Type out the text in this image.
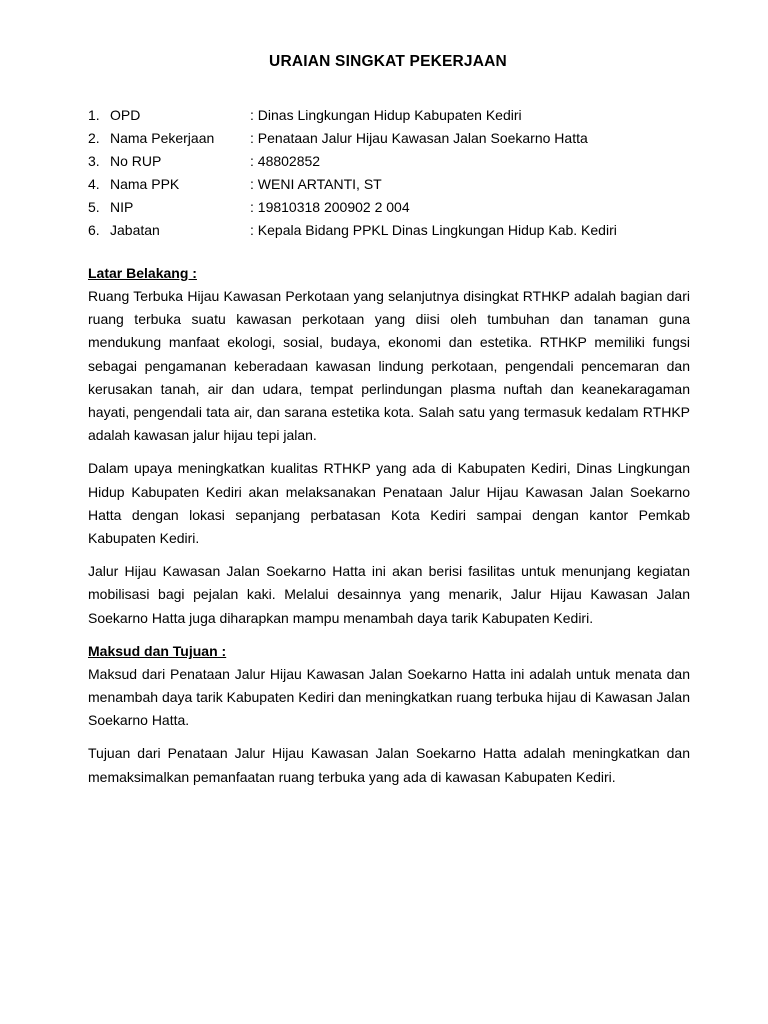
URAIAN SINGKAT PEKERJAAN
1. OPD	: Dinas Lingkungan Hidup Kabupaten Kediri
2. Nama Pekerjaan	: Penataan Jalur Hijau Kawasan Jalan Soekarno Hatta
3. No RUP	: 48802852
4. Nama PPK	: WENI ARTANTI, ST
5. NIP	: 19810318 200902 2 004
6. Jabatan	: Kepala Bidang PPKL Dinas Lingkungan Hidup Kab. Kediri
Latar Belakang :

Ruang Terbuka Hijau Kawasan Perkotaan yang selanjutnya disingkat RTHKP adalah bagian dari ruang terbuka suatu kawasan perkotaan yang diisi oleh tumbuhan dan tanaman guna mendukung manfaat ekologi, sosial, budaya, ekonomi dan estetika. RTHKP memiliki fungsi sebagai pengamanan keberadaan kawasan lindung perkotaan, pengendali pencemaran dan kerusakan tanah, air dan udara, tempat perlindungan plasma nuftah dan keanekaragaman hayati, pengendali tata air, dan sarana estetika kota. Salah satu yang termasuk kedalam RTHKP adalah kawasan jalur hijau tepi jalan.

Dalam upaya meningkatkan kualitas RTHKP yang ada di Kabupaten Kediri, Dinas Lingkungan Hidup Kabupaten Kediri akan melaksanakan Penataan Jalur Hijau Kawasan Jalan Soekarno Hatta dengan lokasi sepanjang perbatasan Kota Kediri sampai dengan kantor Pemkab Kabupaten Kediri.

Jalur Hijau Kawasan Jalan Soekarno Hatta ini akan berisi fasilitas untuk menunjang kegiatan mobilisasi bagi pejalan kaki. Melalui desainnya yang menarik, Jalur Hijau Kawasan Jalan Soekarno Hatta juga diharapkan mampu menambah daya tarik Kabupaten Kediri.

Maksud dan Tujuan :

Maksud dari Penataan Jalur Hijau Kawasan Jalan Soekarno Hatta ini adalah untuk menata dan menambah daya tarik Kabupaten Kediri dan meningkatkan ruang terbuka hijau di Kawasan Jalan Soekarno Hatta.

Tujuan dari Penataan Jalur Hijau Kawasan Jalan Soekarno Hatta adalah meningkatkan dan memaksimalkan pemanfaatan ruang terbuka yang ada di kawasan Kabupaten Kediri.
